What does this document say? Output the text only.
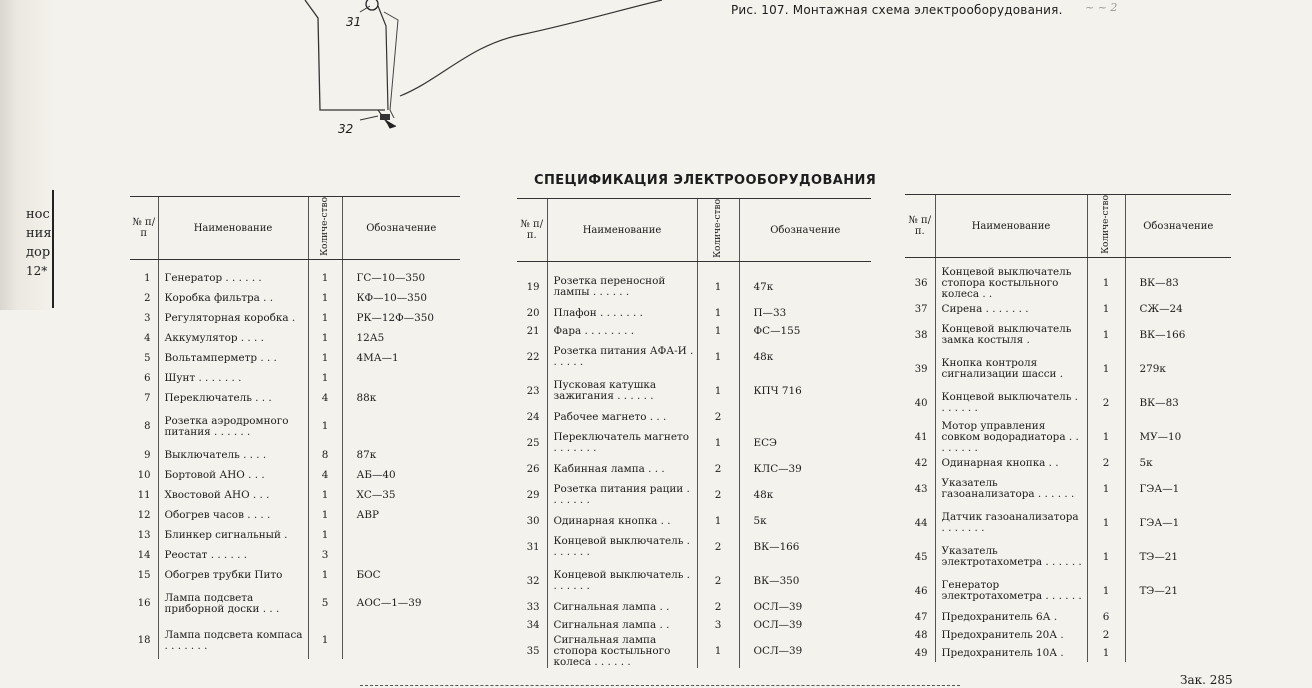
нос
ния
дор
12*
31
32
Рис. 107. Монтажная схема электрооборудования. ~ ~ 2
СПЕЦИФИКАЦИЯ ЭЛЕКТРООБОРУДОВАНИЯ
№ п/п	Наименование	Количе-ство	Обозначение

1	Генератор . . . . . .	1	ГС—10—350
2	Коробка фильтра . .	1	КФ—10—350
3	Регуляторная коробка .	1	РК—12Ф—350
4	Аккумулятор . . . .	1	12А5
5	Вольтамперметр . . .	1	4МА—1
6	Шунт . . . . . . .	1	
7	Переключатель . . .	4	88к
8	Розетка аэродромного питания . . . . . .	1	
9	Выключатель . . . .	8	87к
10	Бортовой АНО . . .	4	АБ—40
11	Хвостовой АНО . . .	1	ХС—35
12	Обогрев часов . . . .	1	АВР
13	Блинкер сигнальный .	1	
14	Реостат . . . . . .	3	
15	Обогрев трубки Пито	1	БОС
16	Лампа подсвета приборной доски . . .	5	АОС—1—39
18	Лампа подсвета компаса . . . . . . .	1	
№ п/п.	Наименование	Количе-ство	Обозначение

19	Розетка переносной лампы . . . . . .	1	47к
20	Плафон . . . . . . .	1	П—33
21	Фара . . . . . . . .	1	ФС—155
22	Розетка питания АФА-И . . . . . .	1	48к
23	Пусковая катушка зажигания . . . . . .	1	КПЧ 716
24	Рабочее магнето . . .	2	
25	Переключатель магнето . . . . . . .	1	ЕСЭ
26	Кабинная лампа . . .	2	КЛС—39
29	Розетка питания рации . . . . . . .	2	48к
30	Одинарная кнопка . .	1	5к
31	Концевой выключатель . . . . . . .	2	ВК—166
32	Концевой выключатель . . . . . . .	2	ВК—350
33	Сигнальная лампа . .	2	ОСЛ—39
34	Сигнальная лампа . .	3	ОСЛ—39
35	Сигнальная лампа стопора костыльного колеса . . . . . .	1	ОСЛ—39
№ п/п.	Наименование	Количе-ство	Обозначение

36	Концевой выключатель стопора костыльного колеса . .	1	ВК—83
37	Сирена . . . . . . .	1	СЖ—24
38	Концевой выключатель замка костыля .	1	ВК—166
39	Кнопка контроля сигнализации шасси .	1	279к
40	Концевой выключатель . . . . . . .	2	ВК—83
41	Мотор управления совком водорадиатора . . . . . . . .	1	МУ—10
42	Одинарная кнопка . .	2	5к
43	Указатель газоанализатора . . . . . .	1	ГЭА—1
44	Датчик газоанализатора . . . . . . .	1	ГЭА—1
45	Указатель электротахометра . . . . . .	1	ТЭ—21
46	Генератор электротахометра . . . . . .	1	ТЭ—21
47	Предохранитель 6А .	6	
48	Предохранитель 20А .	2	
49	Предохранитель 10А .	1	
Зак. 285
